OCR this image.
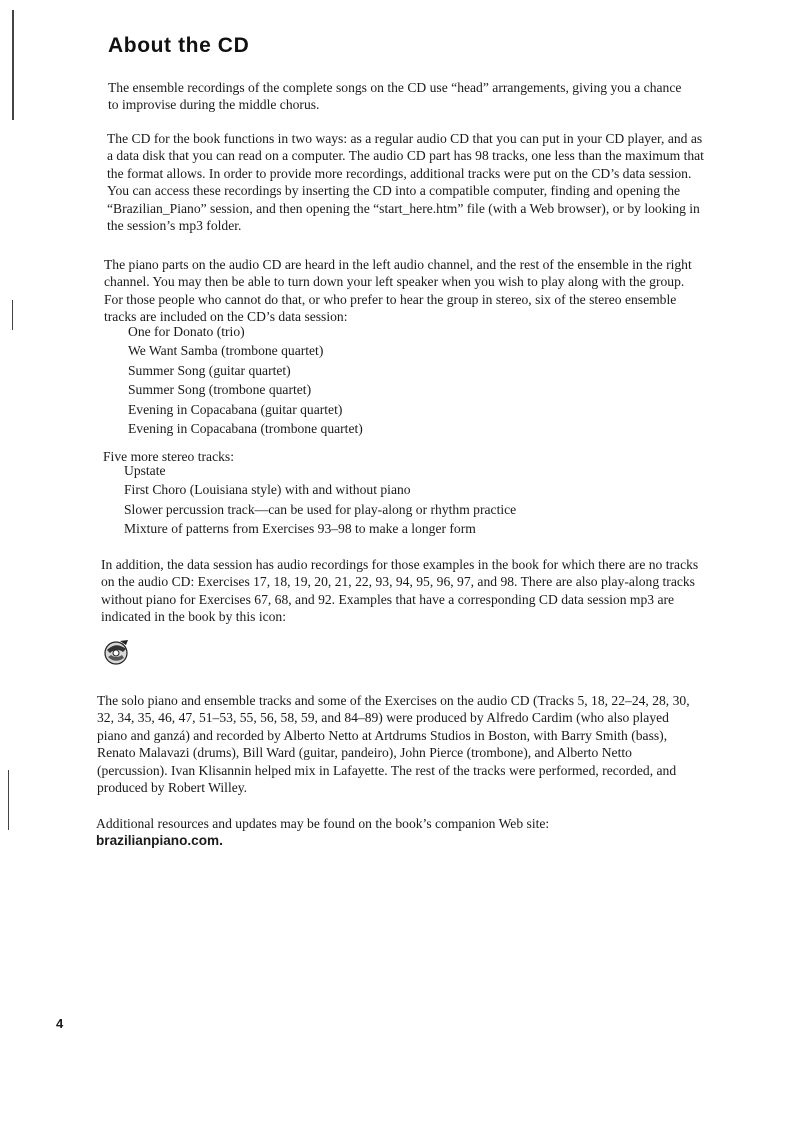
About the CD

The ensemble recordings of the complete songs on the CD use “head” arrangements, giving you a chance to improvise during the middle chorus.

The CD for the book functions in two ways: as a regular audio CD that you can put in your CD player, and as a data disk that you can read on a computer. The audio CD part has 98 tracks, one less than the maximum that the format allows. In order to provide more recordings, additional tracks were put on the CD’s data session. You can access these recordings by inserting the CD into a compatible computer, finding and opening the “Brazilian_Piano” session, and then opening the “start_here.htm” file (with a Web browser), or by looking in the session’s mp3 folder.

The piano parts on the audio CD are heard in the left audio channel, and the rest of the ensemble in the right channel. You may then be able to turn down your left speaker when you wish to play along with the group. For those people who cannot do that, or who prefer to hear the group in stereo, six of the stereo ensemble tracks are included on the CD’s data session:

One for Donato (trio)
We Want Samba (trombone quartet)
Summer Song (guitar quartet)
Summer Song (trombone quartet)
Evening in Copacabana (guitar quartet)
Evening in Copacabana (trombone quartet)

Five more stereo tracks:

Upstate
First Choro (Louisiana style) with and without piano
Slower percussion track—can be used for play-along or rhythm practice
Mixture of patterns from Exercises 93–98 to make a longer form

In addition, the data session has audio recordings for those examples in the book for which there are no tracks on the audio CD: Exercises 17, 18, 19, 20, 21, 22, 93, 94, 95, 96, 97, and 98. There are also play-along tracks without piano for Exercises 67, 68, and 92. Examples that have a corresponding CD data session mp3 are indicated in the book by this icon:

The solo piano and ensemble tracks and some of the Exercises on the audio CD (Tracks 5, 18, 22–24, 28, 30, 32, 34, 35, 46, 47, 51–53, 55, 56, 58, 59, and 84–89) were produced by Alfredo Cardim (who also played piano and ganzá) and recorded by Alberto Netto at Artdrums Studios in Boston, with Barry Smith (bass), Renato Malavazi (drums), Bill Ward (guitar, pandeiro), John Pierce (trombone), and Alberto Netto (percussion). Ivan Klisannin helped mix in Lafayette. The rest of the tracks were performed, recorded, and produced by Robert Willey.

Additional resources and updates may be found on the book’s companion Web site:
brazilianpiano.com.

4
